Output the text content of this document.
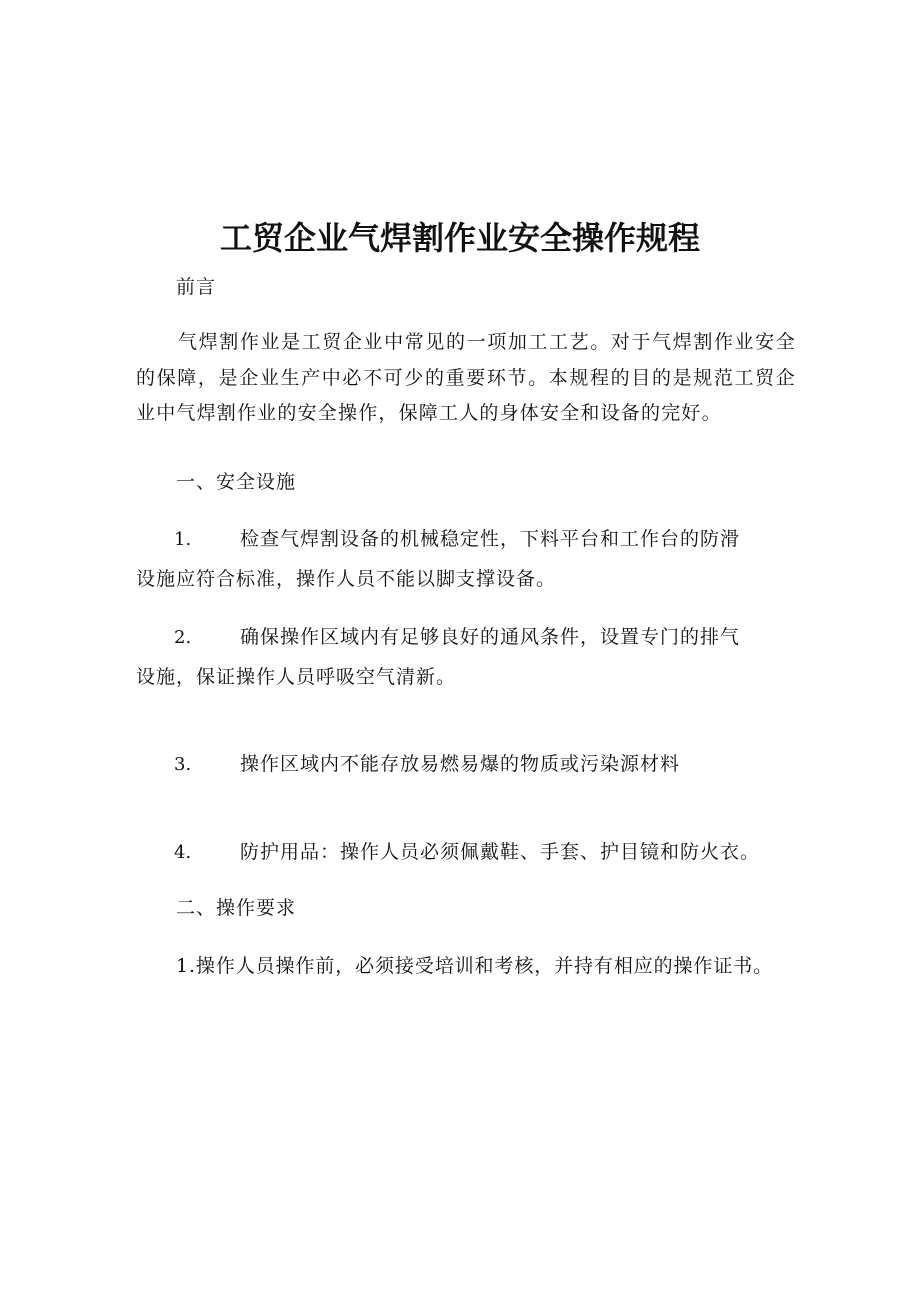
工贸企业气焊割作业安全操作规程
前言

气焊割作业是工贸企业中常见的一项加工工艺。对于气焊割作业安全的保障，是企业生产中必不可少的重要环节。本规程的目的是规范工贸企业中气焊割作业的安全操作，保障工人的身体安全和设备的完好。

一、安全设施
1.	检查气焊割设备的机械稳定性，下料平台和工作台的防滑
设施应符合标准，操作人员不能以脚支撑设备。
2.	确保操作区域内有足够良好的通风条件，设置专门的排气
设施，保证操作人员呼吸空气清新。
3.	操作区域内不能存放易燃易爆的物质或污染源材料
4.	防护用品：操作人员必须佩戴鞋、手套、护目镜和防火衣。
二、操作要求
1.操作人员操作前，必须接受培训和考核，并持有相应的操作证书。
